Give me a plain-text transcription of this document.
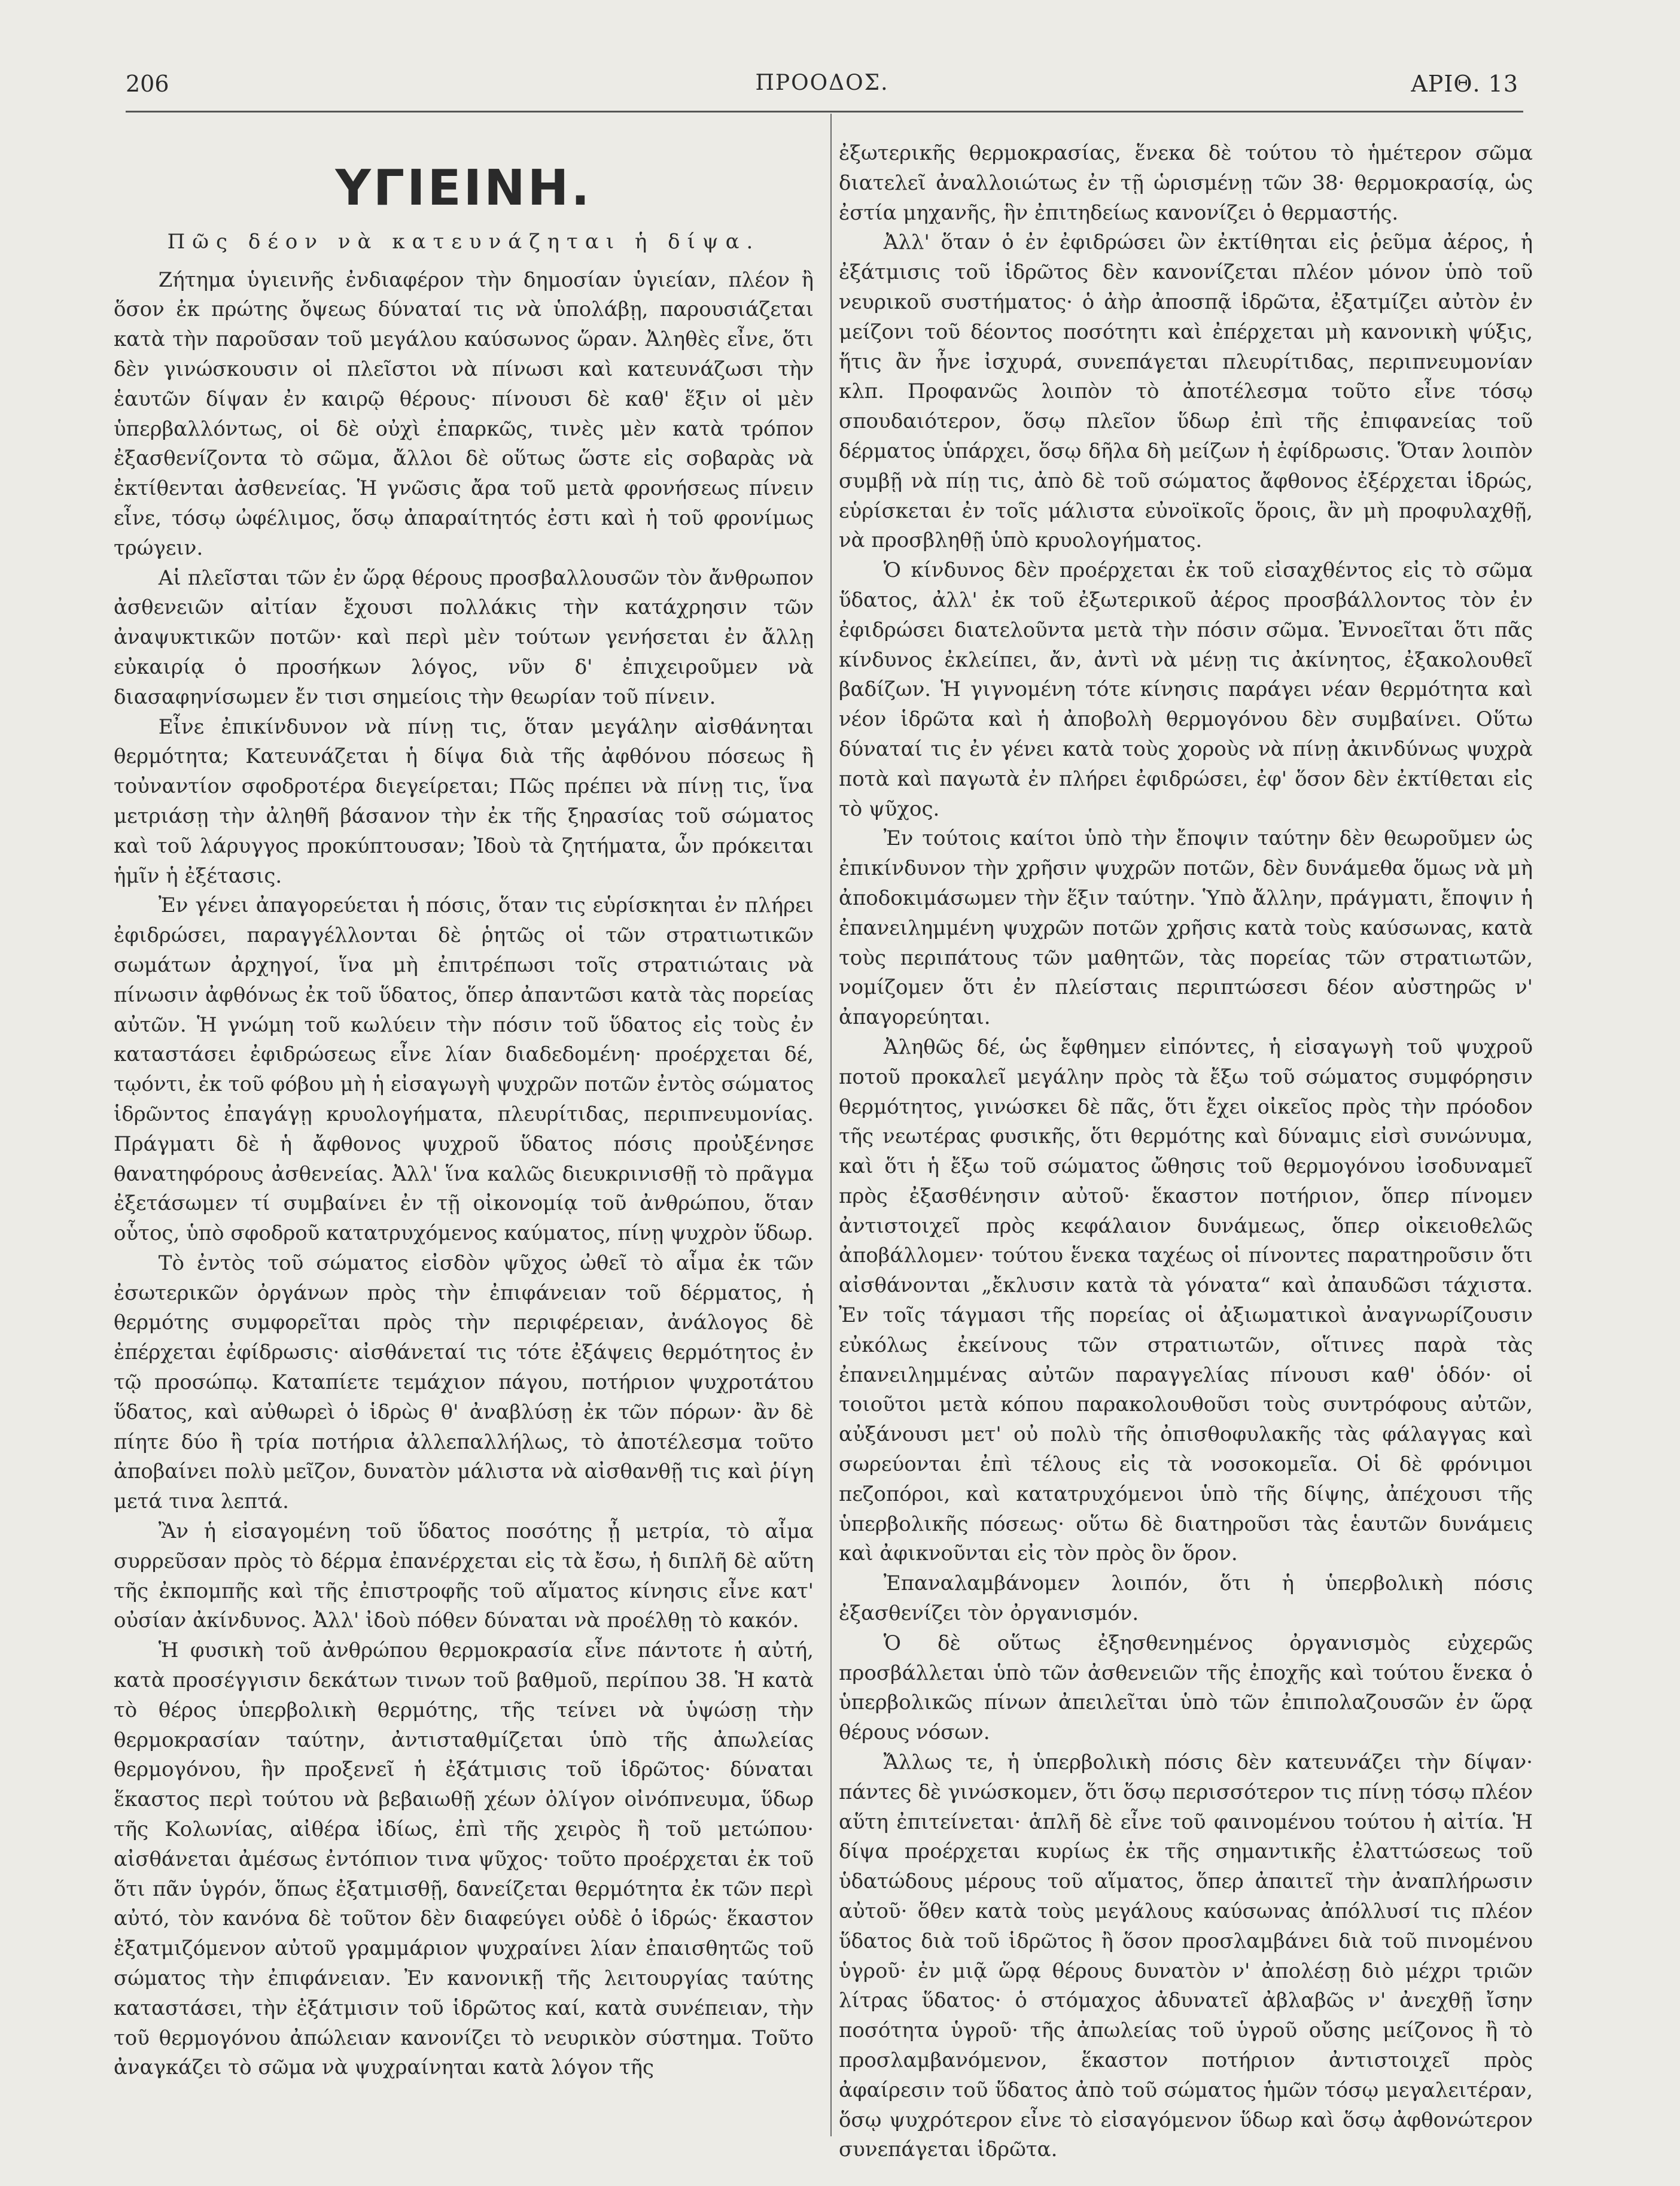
206	ΠΡΟΟΔΟΣ.	ΑΡΙΘ. 13
ΥΓΙΕΙΝΗ.
Πῶς δέον νὰ κατευνάζηται ἡ δίψα.

Ζήτημα ὑγιεινῆς ἐνδιαφέρον τὴν δημοσίαν ὑγιείαν, πλέον ἢ ὅσον ἐκ πρώτης ὄψεως δύναταί τις νὰ ὑπολάβῃ, παρουσιάζεται κατὰ τὴν παροῦσαν τοῦ μεγάλου καύσωνος ὥραν. Ἀληθὲς εἶνε, ὅτι δὲν γινώσκουσιν οἱ πλεῖστοι νὰ πίνωσι καὶ κατευνάζωσι τὴν ἑαυτῶν δίψαν ἐν καιρῷ θέρους· πίνουσι δὲ καθ' ἕξιν οἱ μὲν ὑπερβαλλόντως, οἱ δὲ οὐχὶ ἐπαρκῶς, τινὲς μὲν κατὰ τρόπον ἐξασθενίζοντα τὸ σῶμα, ἄλλοι δὲ οὕτως ὥστε εἰς σοβαρὰς νὰ ἐκτίθενται ἀσθενείας. Ἡ γνῶσις ἄρα τοῦ μετὰ φρονήσεως πίνειν εἶνε, τόσῳ ὠφέλιμος, ὅσῳ ἀπαραίτητός ἐστι καὶ ἡ τοῦ φρονίμως τρώγειν.

Αἱ πλεῖσται τῶν ἐν ὥρᾳ θέρους προσβαλλουσῶν τὸν ἄνθρωπον ἀσθενειῶν αἰτίαν ἔχουσι πολλάκις τὴν κατάχρησιν τῶν ἀναψυκτικῶν ποτῶν· καὶ περὶ μὲν τούτων γενήσεται ἐν ἄλλῃ εὐκαιρίᾳ ὁ προσήκων λόγος, νῦν δ' ἐπιχειροῦμεν νὰ διασαφηνίσωμεν ἔν τισι σημείοις τὴν θεωρίαν τοῦ πίνειν.

Εἶνε ἐπικίνδυνον νὰ πίνῃ τις, ὅταν μεγάλην αἰσθάνηται θερμότητα; Κατευνάζεται ἡ δίψα διὰ τῆς ἀφθόνου πόσεως ἢ τοὐναντίον σφοδροτέρα διεγείρεται; Πῶς πρέπει νὰ πίνῃ τις, ἵνα μετριάσῃ τὴν ἀληθῆ βάσανον τὴν ἐκ τῆς ξηρασίας τοῦ σώματος καὶ τοῦ λάρυγγος προκύπτουσαν; Ἰδοὺ τὰ ζητήματα, ὧν πρόκειται ἡμῖν ἡ ἐξέτασις.

Ἐν γένει ἀπαγορεύεται ἡ πόσις, ὅταν τις εὑρίσκηται ἐν πλήρει ἐφιδρώσει, παραγγέλλονται δὲ ῥητῶς οἱ τῶν στρατιωτικῶν σωμάτων ἀρχηγοί, ἵνα μὴ ἐπιτρέπωσι τοῖς στρατιώταις νὰ πίνωσιν ἀφθόνως ἐκ τοῦ ὕδατος, ὅπερ ἀπαντῶσι κατὰ τὰς πορείας αὐτῶν. Ἡ γνώμη τοῦ κωλύειν τὴν πόσιν τοῦ ὕδατος εἰς τοὺς ἐν καταστάσει ἐφιδρώσεως εἶνε λίαν διαδεδομένη· προέρχεται δέ, τῳόντι, ἐκ τοῦ φόβου μὴ ἡ εἰσαγωγὴ ψυχρῶν ποτῶν ἐντὸς σώματος ἱδρῶντος ἐπαγάγῃ κρυολογήματα, πλευρίτιδας, περιπνευμονίας. Πράγματι δὲ ἡ ἄφθονος ψυχροῦ ὕδατος πόσις προὐξένησε θανατηφόρους ἀσθενείας. Ἀλλ' ἵνα καλῶς διευκρινισθῇ τὸ πρᾶγμα ἐξετάσωμεν τί συμβαίνει ἐν τῇ οἰκονομίᾳ τοῦ ἀνθρώπου, ὅταν οὗτος, ὑπὸ σφοδροῦ κατατρυχόμενος καύματος, πίνῃ ψυχρὸν ὕδωρ.

Τὸ ἐντὸς τοῦ σώματος εἰσδὸν ψῦχος ὠθεῖ τὸ αἷμα ἐκ τῶν ἐσωτερικῶν ὀργάνων πρὸς τὴν ἐπιφάνειαν τοῦ δέρματος, ἡ θερμότης συμφορεῖται πρὸς τὴν περιφέρειαν, ἀνάλογος δὲ ἐπέρχεται ἐφίδρωσις· αἰσθάνεταί τις τότε ἐξάψεις θερμότητος ἐν τῷ προσώπῳ. Καταπίετε τεμάχιον πάγου, ποτήριον ψυχροτάτου ὕδατος, καὶ αὐθωρεὶ ὁ ἱδρὼς θ' ἀναβλύσῃ ἐκ τῶν πόρων· ἂν δὲ πίητε δύο ἢ τρία ποτήρια ἀλλεπαλλήλως, τὸ ἀποτέλεσμα τοῦτο ἀποβαίνει πολὺ μεῖζον, δυνατὸν μάλιστα νὰ αἰσθανθῇ τις καὶ ῥίγη μετά τινα λεπτά.

Ἂν ἡ εἰσαγομένη τοῦ ὕδατος ποσότης ᾖ μετρία, τὸ αἷμα συρρεῦσαν πρὸς τὸ δέρμα ἐπανέρχεται εἰς τὰ ἔσω, ἡ διπλῆ δὲ αὕτη τῆς ἐκπομπῆς καὶ τῆς ἐπιστροφῆς τοῦ αἵματος κίνησις εἶνε κατ' οὐσίαν ἀκίνδυνος. Ἀλλ' ἰδοὺ πόθεν δύναται νὰ προέλθῃ τὸ κακόν.

Ἡ φυσικὴ τοῦ ἀνθρώπου θερμοκρασία εἶνε πάντοτε ἡ αὐτή, κατὰ προσέγγισιν δεκάτων τινων τοῦ βαθμοῦ, περίπου 38. Ἡ κατὰ τὸ θέρος ὑπερβολικὴ θερμότης, τῆς τείνει νὰ ὑψώσῃ τὴν θερμοκρασίαν ταύτην, ἀντισταθμίζεται ὑπὸ τῆς ἀπωλείας θερμογόνου, ἣν προξενεῖ ἡ ἐξάτμισις τοῦ ἱδρῶτος· δύναται ἕκαστος περὶ τούτου νὰ βεβαιωθῇ χέων ὀλίγον οἰνόπνευμα, ὕδωρ τῆς Κολωνίας, αἰθέρα ἰδίως, ἐπὶ τῆς χειρὸς ἢ τοῦ μετώπου· αἰσθάνεται ἀμέσως ἐντόπιον τινα ψῦχος· τοῦτο προέρχεται ἐκ τοῦ ὅτι πᾶν ὑγρόν, ὅπως ἐξατμισθῇ, δανείζεται θερμότητα ἐκ τῶν περὶ αὐτό, τὸν κανόνα δὲ τοῦτον δὲν διαφεύγει οὐδὲ ὁ ἱδρώς· ἕκαστον ἐξατμιζόμενον αὐτοῦ γραμμάριον ψυχραίνει λίαν ἐπαισθητῶς τοῦ σώματος τὴν ἐπιφάνειαν. Ἐν κανονικῇ τῆς λειτουργίας ταύτης καταστάσει, τὴν ἐξάτμισιν τοῦ ἱδρῶτος καί, κατὰ συνέπειαν, τὴν τοῦ θερμογόνου ἀπώλειαν κανονίζει τὸ νευρικὸν σύστημα. Τοῦτο ἀναγκάζει τὸ σῶμα νὰ ψυχραίνηται κατὰ λόγον τῆς

ἐξωτερικῆς θερμοκρασίας, ἕνεκα δὲ τούτου τὸ ἡμέτερον σῶμα διατελεῖ ἀναλλοιώτως ἐν τῇ ὡρισμένῃ τῶν 38· θερμοκρασίᾳ, ὡς ἐστία μηχανῆς, ἣν ἐπιτηδείως κανονίζει ὁ θερμαστής.

Ἀλλ' ὅταν ὁ ἐν ἐφιδρώσει ὢν ἐκτίθηται εἰς ῥεῦμα ἀέρος, ἡ ἐξάτμισις τοῦ ἱδρῶτος δὲν κανονίζεται πλέον μόνον ὑπὸ τοῦ νευρικοῦ συστήματος· ὁ ἀὴρ ἀποσπᾷ ἱδρῶτα, ἐξατμίζει αὐτὸν ἐν μείζονι τοῦ δέοντος ποσότητι καὶ ἐπέρχεται μὴ κανονικὴ ψύξις, ἥτις ἂν ἦνε ἰσχυρά, συνεπάγεται πλευρίτιδας, περιπνευμονίαν κλπ. Προφανῶς λοιπὸν τὸ ἀποτέλεσμα τοῦτο εἶνε τόσῳ σπουδαιότερον, ὅσῳ πλεῖον ὕδωρ ἐπὶ τῆς ἐπιφανείας τοῦ δέρματος ὑπάρχει, ὅσῳ δῆλα δὴ μείζων ἡ ἐφίδρωσις. Ὅταν λοιπὸν συμβῇ νὰ πίῃ τις, ἀπὸ δὲ τοῦ σώματος ἄφθονος ἐξέρχεται ἱδρώς, εὑρίσκεται ἐν τοῖς μάλιστα εὐνοϊκοῖς ὅροις, ἂν μὴ προφυλαχθῇ, νὰ προσβληθῇ ὑπὸ κρυολογήματος.

Ὁ κίνδυνος δὲν προέρχεται ἐκ τοῦ εἰσαχθέντος εἰς τὸ σῶμα ὕδατος, ἀλλ' ἐκ τοῦ ἐξωτερικοῦ ἀέρος προσβάλλοντος τὸν ἐν ἐφιδρώσει διατελοῦντα μετὰ τὴν πόσιν σῶμα. Ἐννοεῖται ὅτι πᾶς κίνδυνος ἐκλείπει, ἄν, ἀντὶ νὰ μένῃ τις ἀκίνητος, ἐξακολουθεῖ βαδίζων. Ἡ γιγνομένη τότε κίνησις παράγει νέαν θερμότητα καὶ νέον ἱδρῶτα καὶ ἡ ἀποβολὴ θερμογόνου δὲν συμβαίνει. Οὕτω δύναταί τις ἐν γένει κατὰ τοὺς χοροὺς νὰ πίνῃ ἀκινδύνως ψυχρὰ ποτὰ καὶ παγωτὰ ἐν πλήρει ἐφιδρώσει, ἐφ' ὅσον δὲν ἐκτίθεται εἰς τὸ ψῦχος.

Ἐν τούτοις καίτοι ὑπὸ τὴν ἔποψιν ταύτην δὲν θεωροῦμεν ὡς ἐπικίνδυνον τὴν χρῆσιν ψυχρῶν ποτῶν, δὲν δυνάμεθα ὅμως νὰ μὴ ἀποδοκιμάσωμεν τὴν ἕξιν ταύτην. Ὑπὸ ἄλλην, πράγματι, ἔποψιν ἡ ἐπανειλημμένη ψυχρῶν ποτῶν χρῆσις κατὰ τοὺς καύσωνας, κατὰ τοὺς περιπάτους τῶν μαθητῶν, τὰς πορείας τῶν στρατιωτῶν, νομίζομεν ὅτι ἐν πλείσταις περιπτώσεσι δέον αὐστηρῶς ν' ἀπαγορεύηται.

Ἀληθῶς δέ, ὡς ἔφθημεν εἰπόντες, ἡ εἰσαγωγὴ τοῦ ψυχροῦ ποτοῦ προκαλεῖ μεγάλην πρὸς τὰ ἔξω τοῦ σώματος συμφόρησιν θερμότητος, γινώσκει δὲ πᾶς, ὅτι ἔχει οἰκεῖος πρὸς τὴν πρόοδον τῆς νεωτέρας φυσικῆς, ὅτι θερμότης καὶ δύναμις εἰσὶ συνώνυμα, καὶ ὅτι ἡ ἔξω τοῦ σώματος ὤθησις τοῦ θερμογόνου ἰσοδυναμεῖ πρὸς ἐξασθένησιν αὐτοῦ· ἕκαστον ποτήριον, ὅπερ πίνομεν ἀντιστοιχεῖ πρὸς κεφάλαιον δυνάμεως, ὅπερ οἰκειοθελῶς ἀποβάλλομεν· τούτου ἕνεκα ταχέως οἱ πίνοντες παρατηροῦσιν ὅτι αἰσθάνονται „ἔκλυσιν κατὰ τὰ γόνατα“ καὶ ἀπαυδῶσι τάχιστα. Ἐν τοῖς τάγμασι τῆς πορείας οἱ ἀξιωματικοὶ ἀναγνωρίζουσιν εὐκόλως ἐκείνους τῶν στρατιωτῶν, οἵτινες παρὰ τὰς ἐπανειλημμένας αὐτῶν παραγγελίας πίνουσι καθ' ὁδόν· οἱ τοιοῦτοι μετὰ κόπου παρακολουθοῦσι τοὺς συντρόφους αὐτῶν, αὐξάνουσι μετ' οὐ πολὺ τῆς ὀπισθοφυλακῆς τὰς φάλαγγας καὶ σωρεύονται ἐπὶ τέλους εἰς τὰ νοσοκομεῖα. Οἱ δὲ φρόνιμοι πεζοπόροι, καὶ κατατρυχόμενοι ὑπὸ τῆς δίψης, ἀπέχουσι τῆς ὑπερβολικῆς πόσεως· οὕτω δὲ διατηροῦσι τὰς ἑαυτῶν δυνάμεις καὶ ἀφικνοῦνται εἰς τὸν πρὸς ὃν ὅρον.

Ἐπαναλαμβάνομεν λοιπόν, ὅτι ἡ ὑπερβολικὴ πόσις ἐξασθενίζει τὸν ὀργανισμόν.

Ὁ δὲ οὕτως ἐξησθενημένος ὀργανισμὸς εὐχερῶς προσβάλλεται ὑπὸ τῶν ἀσθενειῶν τῆς ἐποχῆς καὶ τούτου ἕνεκα ὁ ὑπερβολικῶς πίνων ἀπειλεῖται ὑπὸ τῶν ἐπιπολαζουσῶν ἐν ὥρᾳ θέρους νόσων.

Ἄλλως τε, ἡ ὑπερβολικὴ πόσις δὲν κατευνάζει τὴν δίψαν· πάντες δὲ γινώσκομεν, ὅτι ὅσῳ περισσότερον τις πίνῃ τόσῳ πλέον αὕτη ἐπιτείνεται· ἁπλῆ δὲ εἶνε τοῦ φαινομένου τούτου ἡ αἰτία. Ἡ δίψα προέρχεται κυρίως ἐκ τῆς σημαντικῆς ἐλαττώσεως τοῦ ὑδατώδους μέρους τοῦ αἵματος, ὅπερ ἀπαιτεῖ τὴν ἀναπλήρωσιν αὐτοῦ· ὅθεν κατὰ τοὺς μεγάλους καύσωνας ἀπόλλυσί τις πλέον ὕδατος διὰ τοῦ ἱδρῶτος ἢ ὅσον προσλαμβάνει διὰ τοῦ πινομένου ὑγροῦ· ἐν μιᾷ ὥρᾳ θέρους δυνατὸν ν' ἀπολέσῃ διὸ μέχρι τριῶν λίτρας ὕδατος· ὁ στόμαχος ἀδυνατεῖ ἀβλαβῶς ν' ἀνεχθῇ ἴσην ποσότητα ὑγροῦ· τῆς ἀπωλείας τοῦ ὑγροῦ οὔσης μείζονος ἢ τὸ προσλαμβανόμενον, ἕκαστον ποτήριον ἀντιστοιχεῖ πρὸς ἀφαίρεσιν τοῦ ὕδατος ἀπὸ τοῦ σώματος ἡμῶν τόσῳ μεγαλειτέραν, ὅσῳ ψυχρότερον εἶνε τὸ εἰσαγόμενον ὕδωρ καὶ ὅσῳ ἀφθονώτερον συνεπάγεται ἱδρῶτα.
